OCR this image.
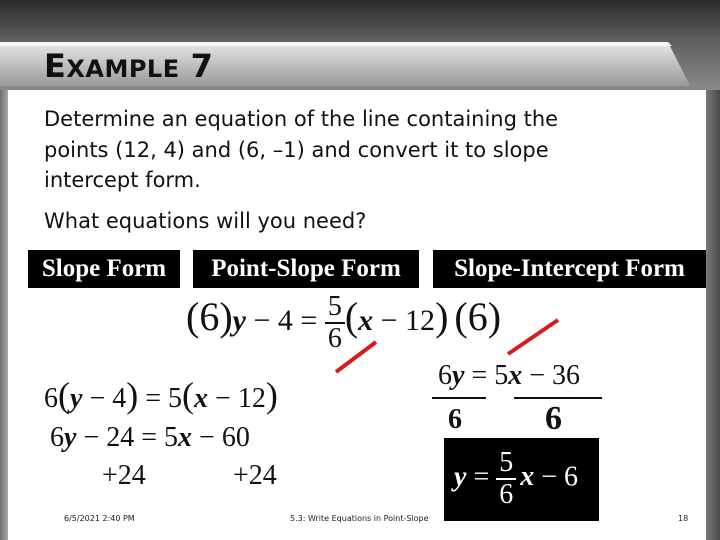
EXAMPLE 7
Determine an equation of the line containing the
points (12, 4) and (6, –1) and convert it to slope
intercept form.
What equations will you need?
Slope Form	Point-Slope Form	Slope-Intercept Form
$(6)y - 4 = \frac{5}{6} (x - 12)$ (6)
6(y − 4) = 5(x − 12)
6y − 24 = 5x − 60
+24	+24
6y = 5x − 36
6 6
$y = \frac{5}{6}$ x − 6
6/5/2021 2:40 PM	5.3: Write Equations in Point-Slope	18
